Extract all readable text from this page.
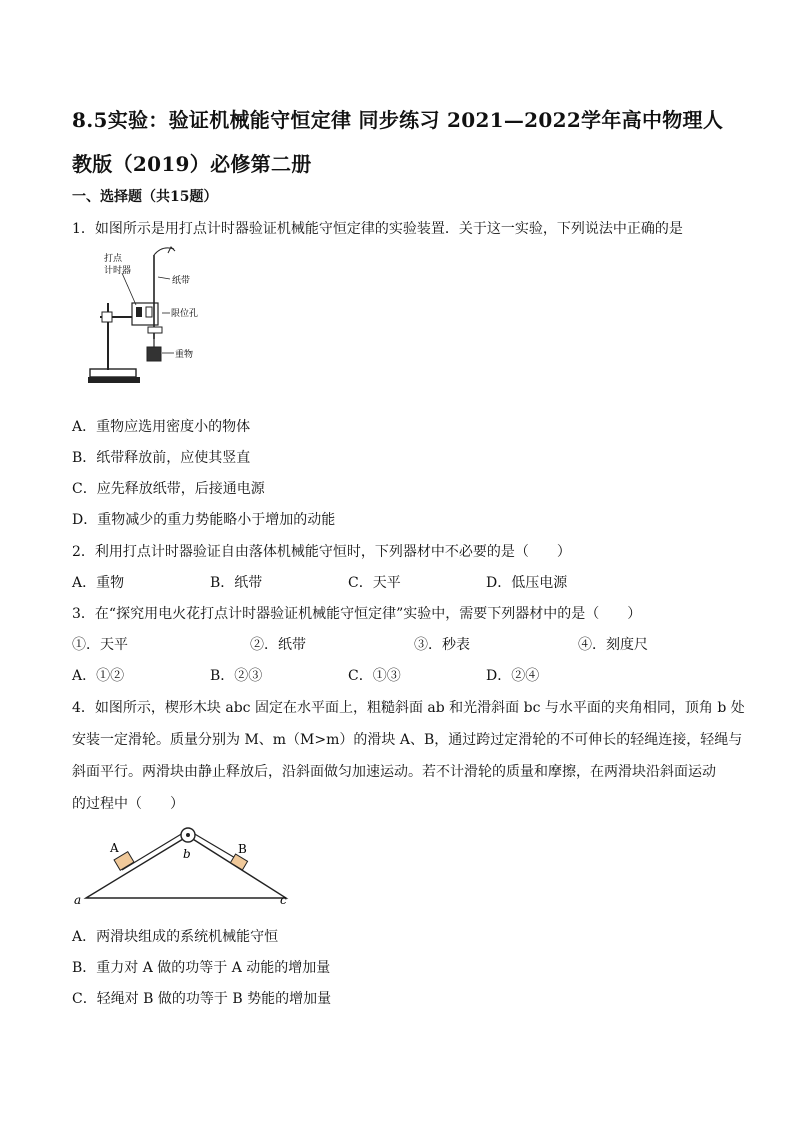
8.5实验：验证机械能守恒定律 同步练习 2021—2022学年高中物理人
教版（2019）必修第二册
一、选择题（共15题）
1．如图所示是用打点计时器验证机械能守恒定律的实验装置．关于这一实验，下列说法中正确的是
打点
计时器
纸带
限位孔
重物
A．重物应选用密度小的物体
B．纸带释放前，应使其竖直
C．应先释放纸带，后接通电源
D．重物减少的重力势能略小于增加的动能
2．利用打点计时器验证自由落体机械能守恒时，下列器材中不必要的是（　　）
A．重物	B．纸带	C．天平	D．低压电源
3．在“探究用电火花打点计时器验证机械能守恒定律”实验中，需要下列器材中的是（　　）
①．天平	②．纸带	③．秒表	④．刻度尺
A．①②	B．②③	C．①③	D．②④
4．如图所示，楔形木块 abc 固定在水平面上，粗糙斜面 ab 和光滑斜面 bc 与水平面的夹角相同，顶角 b 处
安装一定滑轮。质量分别为 M、m（M>m）的滑块 A、B，通过跨过定滑轮的不可伸长的轻绳连接，轻绳与
斜面平行。两滑块由静止释放后，沿斜面做匀加速运动。若不计滑轮的质量和摩擦，在两滑块沿斜面运动
的过程中（　　）
A	B
b
a	c
A．两滑块组成的系统机械能守恒
B．重力对 A 做的功等于 A 动能的增加量
C．轻绳对 B 做的功等于 B 势能的增加量
